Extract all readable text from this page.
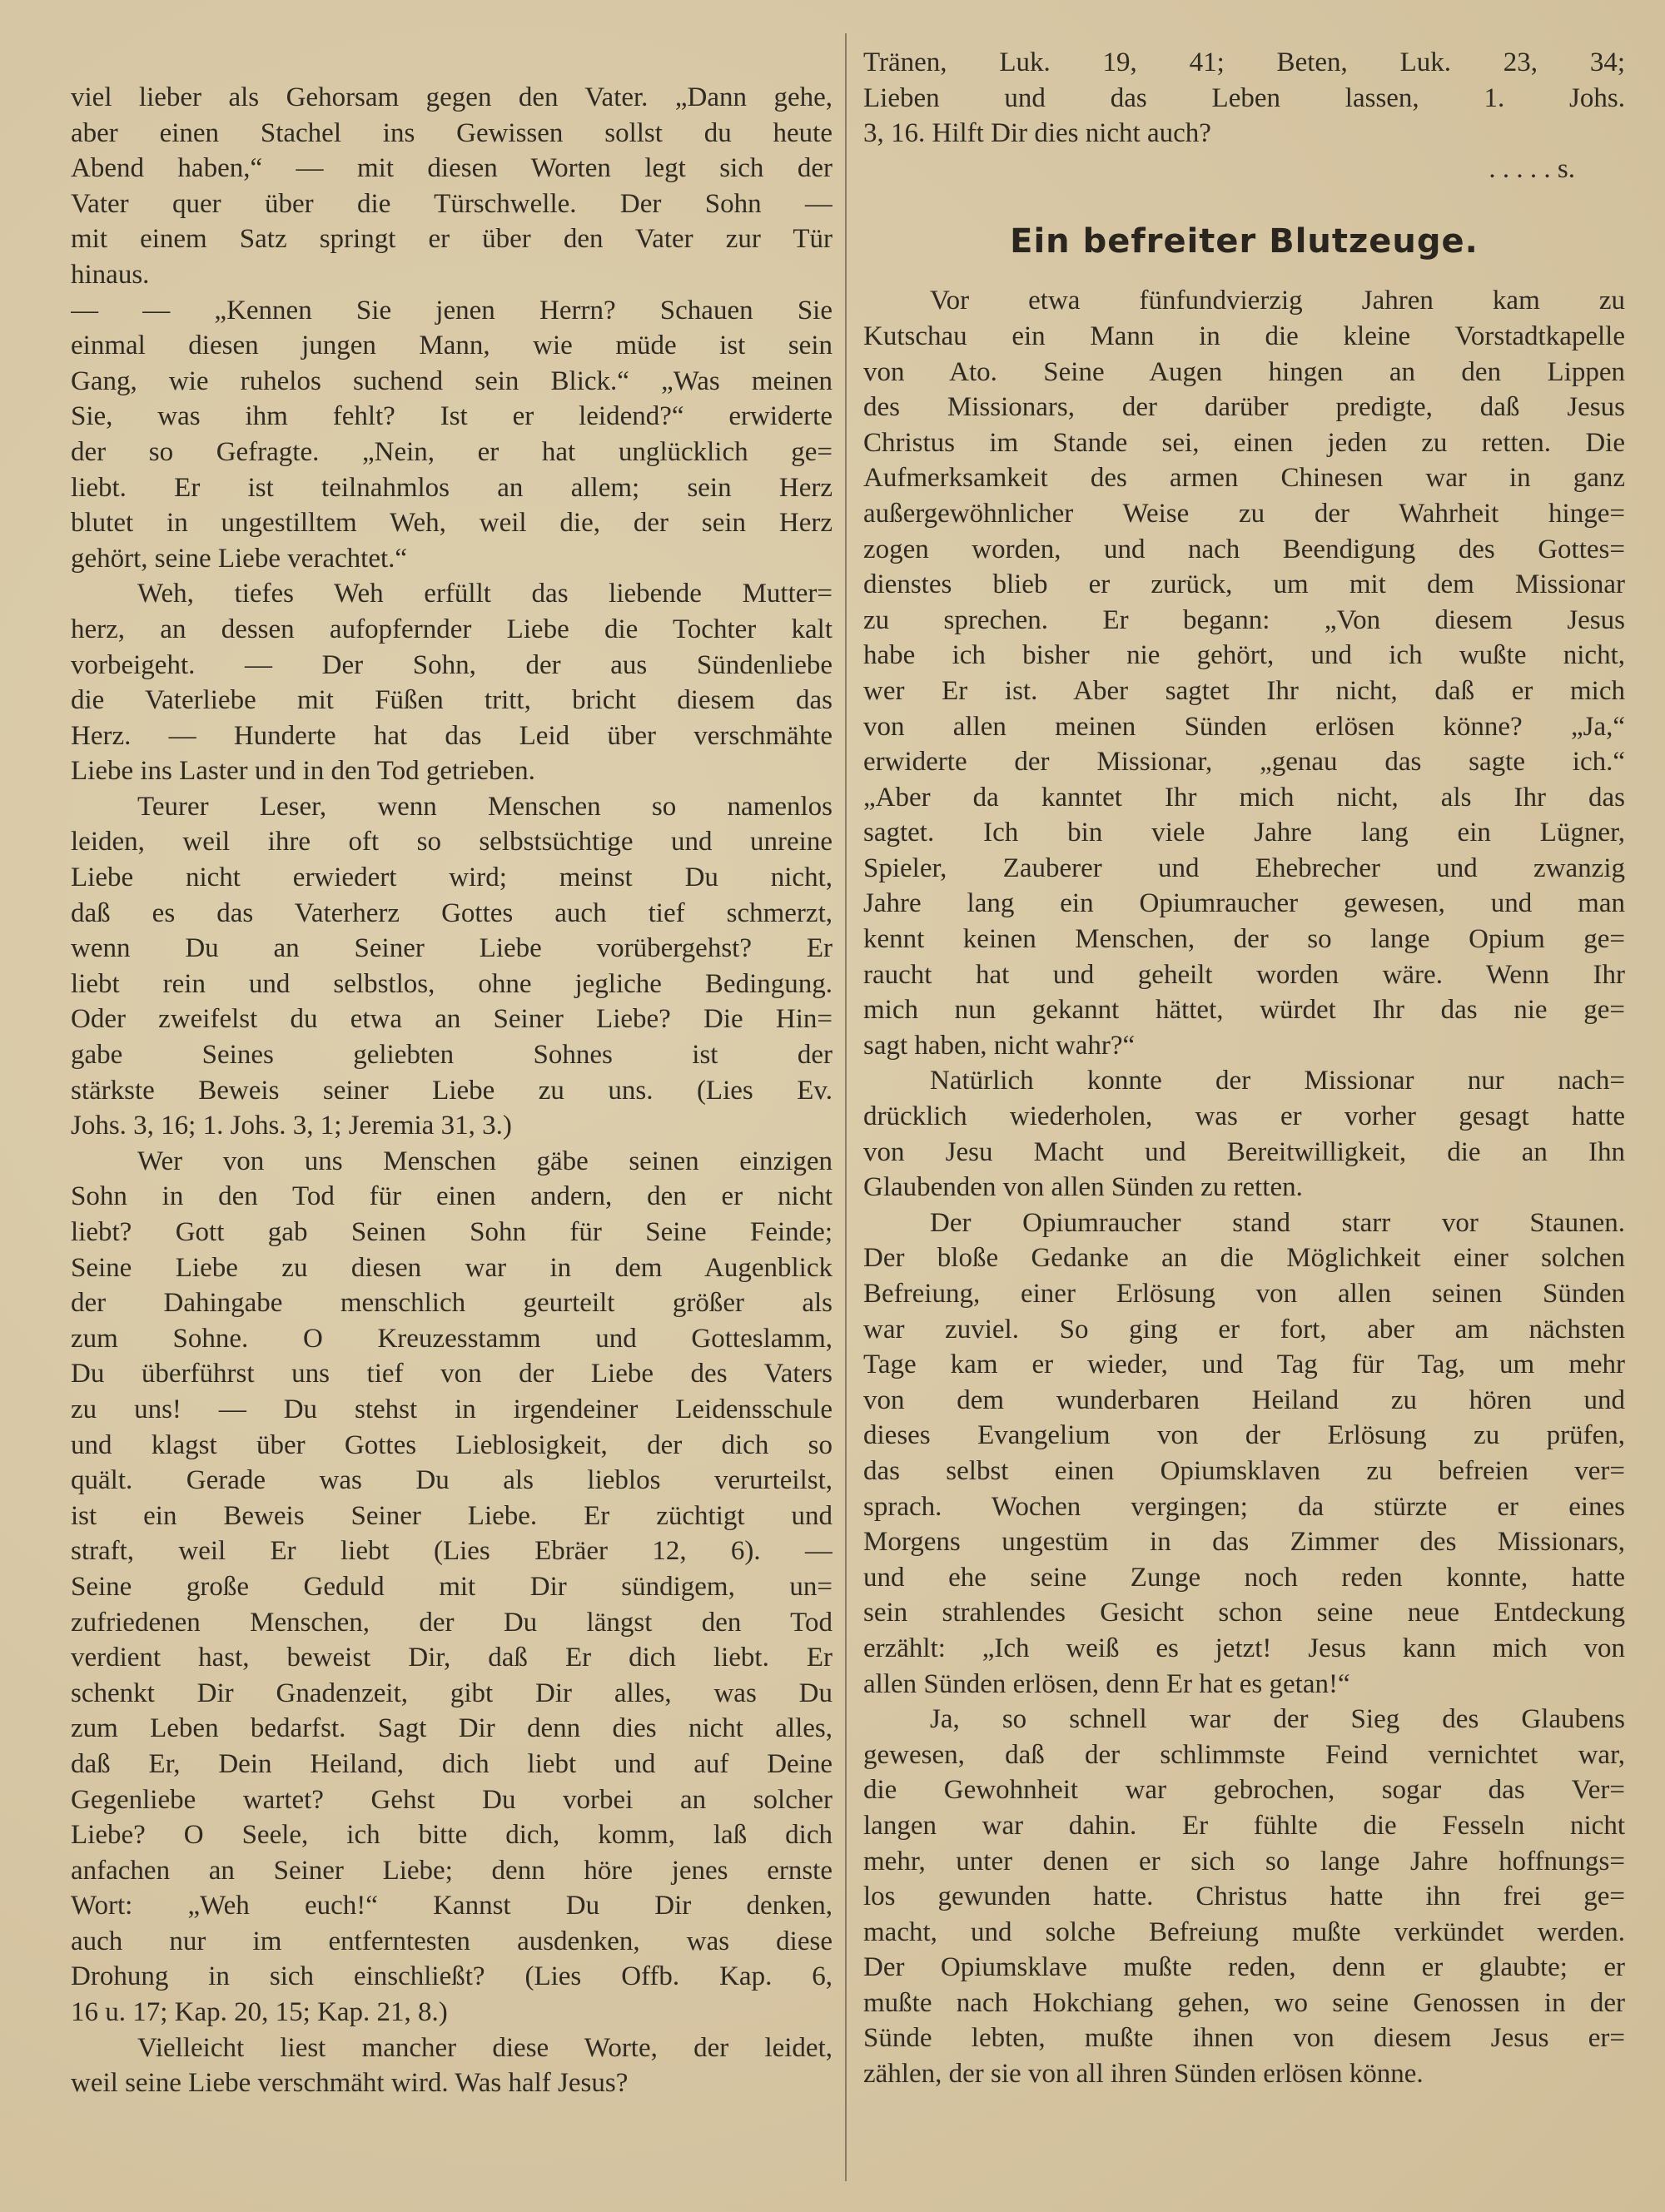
viel lieber als Gehorsam gegen den Vater. „Dann gehe,
aber einen Stachel ins Gewissen sollst du heute
Abend haben,“ — mit diesen Worten legt sich der
Vater quer über die Türschwelle. Der Sohn —
mit einem Satz springt er über den Vater zur Tür
hinaus.
— — „Kennen Sie jenen Herrn? Schauen Sie
einmal diesen jungen Mann, wie müde ist sein
Gang, wie ruhelos suchend sein Blick.“ „Was meinen
Sie, was ihm fehlt? Ist er leidend?“ erwiderte
der so Gefragte. „Nein, er hat unglücklich ge=
liebt. Er ist teilnahmlos an allem; sein Herz
blutet in ungestilltem Weh, weil die, der sein Herz
gehört, seine Liebe verachtet.“
Weh, tiefes Weh erfüllt das liebende Mutter=
herz, an dessen aufopfernder Liebe die Tochter kalt
vorbeigeht. — Der Sohn, der aus Sündenliebe
die Vaterliebe mit Füßen tritt, bricht diesem das
Herz. — Hunderte hat das Leid über verschmähte
Liebe ins Laster und in den Tod getrieben.
Teurer Leser, wenn Menschen so namenlos
leiden, weil ihre oft so selbstsüchtige und unreine
Liebe nicht erwiedert wird; meinst Du nicht,
daß es das Vaterherz Gottes auch tief schmerzt,
wenn Du an Seiner Liebe vorübergehst? Er
liebt rein und selbstlos, ohne jegliche Bedingung.
Oder zweifelst du etwa an Seiner Liebe? Die Hin=
gabe Seines geliebten Sohnes ist der
stärkste Beweis seiner Liebe zu uns. (Lies Ev.
Johs. 3, 16; 1. Johs. 3, 1; Jeremia 31, 3.)
Wer von uns Menschen gäbe seinen einzigen
Sohn in den Tod für einen andern, den er nicht
liebt? Gott gab Seinen Sohn für Seine Feinde;
Seine Liebe zu diesen war in dem Augenblick
der Dahingabe menschlich geurteilt größer als
zum Sohne. O Kreuzesstamm und Gotteslamm,
Du überführst uns tief von der Liebe des Vaters
zu uns! — Du stehst in irgendeiner Leidensschule
und klagst über Gottes Lieblosigkeit, der dich so
quält. Gerade was Du als lieblos verurteilst,
ist ein Beweis Seiner Liebe. Er züchtigt und
straft, weil Er liebt (Lies Ebräer 12, 6). —
Seine große Geduld mit Dir sündigem, un=
zufriedenen Menschen, der Du längst den Tod
verdient hast, beweist Dir, daß Er dich liebt. Er
schenkt Dir Gnadenzeit, gibt Dir alles, was Du
zum Leben bedarfst. Sagt Dir denn dies nicht alles,
daß Er, Dein Heiland, dich liebt und auf Deine
Gegenliebe wartet? Gehst Du vorbei an solcher
Liebe? O Seele, ich bitte dich, komm, laß dich
anfachen an Seiner Liebe; denn höre jenes ernste
Wort: „Weh euch!“ Kannst Du Dir denken,
auch nur im entferntesten ausdenken, was diese
Drohung in sich einschließt? (Lies Offb. Kap. 6,
16 u. 17; Kap. 20, 15; Kap. 21, 8.)
Vielleicht liest mancher diese Worte, der leidet,
weil seine Liebe verschmäht wird. Was half Jesus?
Tränen, Luk. 19, 41; Beten, Luk. 23, 34;
Lieben und das Leben lassen, 1. Johs.
3, 16. Hilft Dir dies nicht auch?
. . . . . s.
Ein befreiter Blutzeuge.
Vor etwa fünfundvierzig Jahren kam zu
Kutschau ein Mann in die kleine Vorstadtkapelle
von Ato. Seine Augen hingen an den Lippen
des Missionars, der darüber predigte, daß Jesus
Christus im Stande sei, einen jeden zu retten. Die
Aufmerksamkeit des armen Chinesen war in ganz
außergewöhnlicher Weise zu der Wahrheit hinge=
zogen worden, und nach Beendigung des Gottes=
dienstes blieb er zurück, um mit dem Missionar
zu sprechen. Er begann: „Von diesem Jesus
habe ich bisher nie gehört, und ich wußte nicht,
wer Er ist. Aber sagtet Ihr nicht, daß er mich
von allen meinen Sünden erlösen könne? „Ja,“
erwiderte der Missionar, „genau das sagte ich.“
„Aber da kanntet Ihr mich nicht, als Ihr das
sagtet. Ich bin viele Jahre lang ein Lügner,
Spieler, Zauberer und Ehebrecher und zwanzig
Jahre lang ein Opiumraucher gewesen, und man
kennt keinen Menschen, der so lange Opium ge=
raucht hat und geheilt worden wäre. Wenn Ihr
mich nun gekannt hättet, würdet Ihr das nie ge=
sagt haben, nicht wahr?“
Natürlich konnte der Missionar nur nach=
drücklich wiederholen, was er vorher gesagt hatte
von Jesu Macht und Bereitwilligkeit, die an Ihn
Glaubenden von allen Sünden zu retten.
Der Opiumraucher stand starr vor Staunen.
Der bloße Gedanke an die Möglichkeit einer solchen
Befreiung, einer Erlösung von allen seinen Sünden
war zuviel. So ging er fort, aber am nächsten
Tage kam er wieder, und Tag für Tag, um mehr
von dem wunderbaren Heiland zu hören und
dieses Evangelium von der Erlösung zu prüfen,
das selbst einen Opiumsklaven zu befreien ver=
sprach. Wochen vergingen; da stürzte er eines
Morgens ungestüm in das Zimmer des Missionars,
und ehe seine Zunge noch reden konnte, hatte
sein strahlendes Gesicht schon seine neue Entdeckung
erzählt: „Ich weiß es jetzt! Jesus kann mich von
allen Sünden erlösen, denn Er hat es getan!“
Ja, so schnell war der Sieg des Glaubens
gewesen, daß der schlimmste Feind vernichtet war,
die Gewohnheit war gebrochen, sogar das Ver=
langen war dahin. Er fühlte die Fesseln nicht
mehr, unter denen er sich so lange Jahre hoffnungs=
los gewunden hatte. Christus hatte ihn frei ge=
macht, und solche Befreiung mußte verkündet werden.
Der Opiumsklave mußte reden, denn er glaubte; er
mußte nach Hokchiang gehen, wo seine Genossen in der
Sünde lebten, mußte ihnen von diesem Jesus er=
zählen, der sie von all ihren Sünden erlösen könne.
